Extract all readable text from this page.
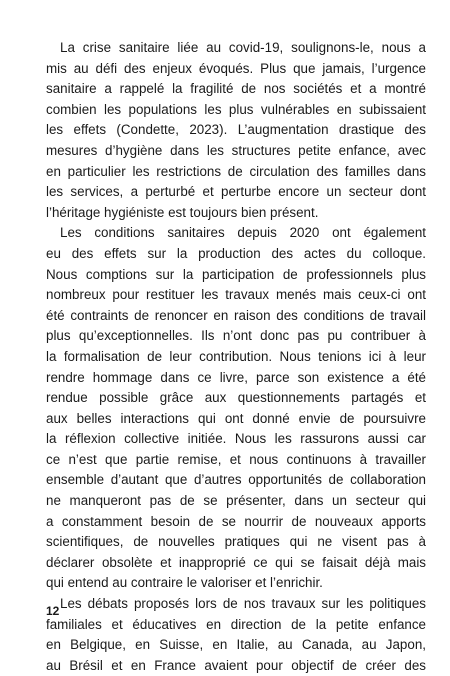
La crise sanitaire liée au covid-19, soulignons-le, nous a
mis au défi des enjeux évoqués. Plus que jamais, l’urgence
sanitaire a rappelé la fragilité de nos sociétés et a montré
combien les populations les plus vulnérables en subissaient
les effets (Condette, 2023). L’augmentation drastique des
mesures d’hygiène dans les structures petite enfance, avec
en particulier les restrictions de circulation des familles dans
les services, a perturbé et perturbe encore un secteur dont
l’héritage hygiéniste est toujours bien présent.
Les conditions sanitaires depuis 2020 ont également
eu des effets sur la production des actes du colloque.
Nous comptions sur la participation de professionnels plus
nombreux pour restituer les travaux menés mais ceux-ci ont
été contraints de renoncer en raison des conditions de travail
plus qu’exceptionnelles. Ils n’ont donc pas pu contribuer à
la formalisation de leur contribution. Nous tenions ici à leur
rendre hommage dans ce livre, parce son existence a été
rendue possible grâce aux questionnements partagés et
aux belles interactions qui ont donné envie de poursuivre
la réflexion collective initiée. Nous les rassurons aussi car
ce n’est que partie remise, et nous continuons à travailler
ensemble d’autant que d’autres opportunités de collaboration
ne manqueront pas de se présenter, dans un secteur qui
a constamment besoin de se nourrir de nouveaux apports
scientifiques, de nouvelles pratiques qui ne visent pas à
déclarer obsolète et inapproprié ce qui se faisait déjà mais
qui entend au contraire le valoriser et l’enrichir.
Les débats proposés lors de nos travaux sur les politiques
familiales et éducatives en direction de la petite enfance
en Belgique, en Suisse, en Italie, au Canada, au Japon,
au Brésil et en France avaient pour objectif de créer des
12
